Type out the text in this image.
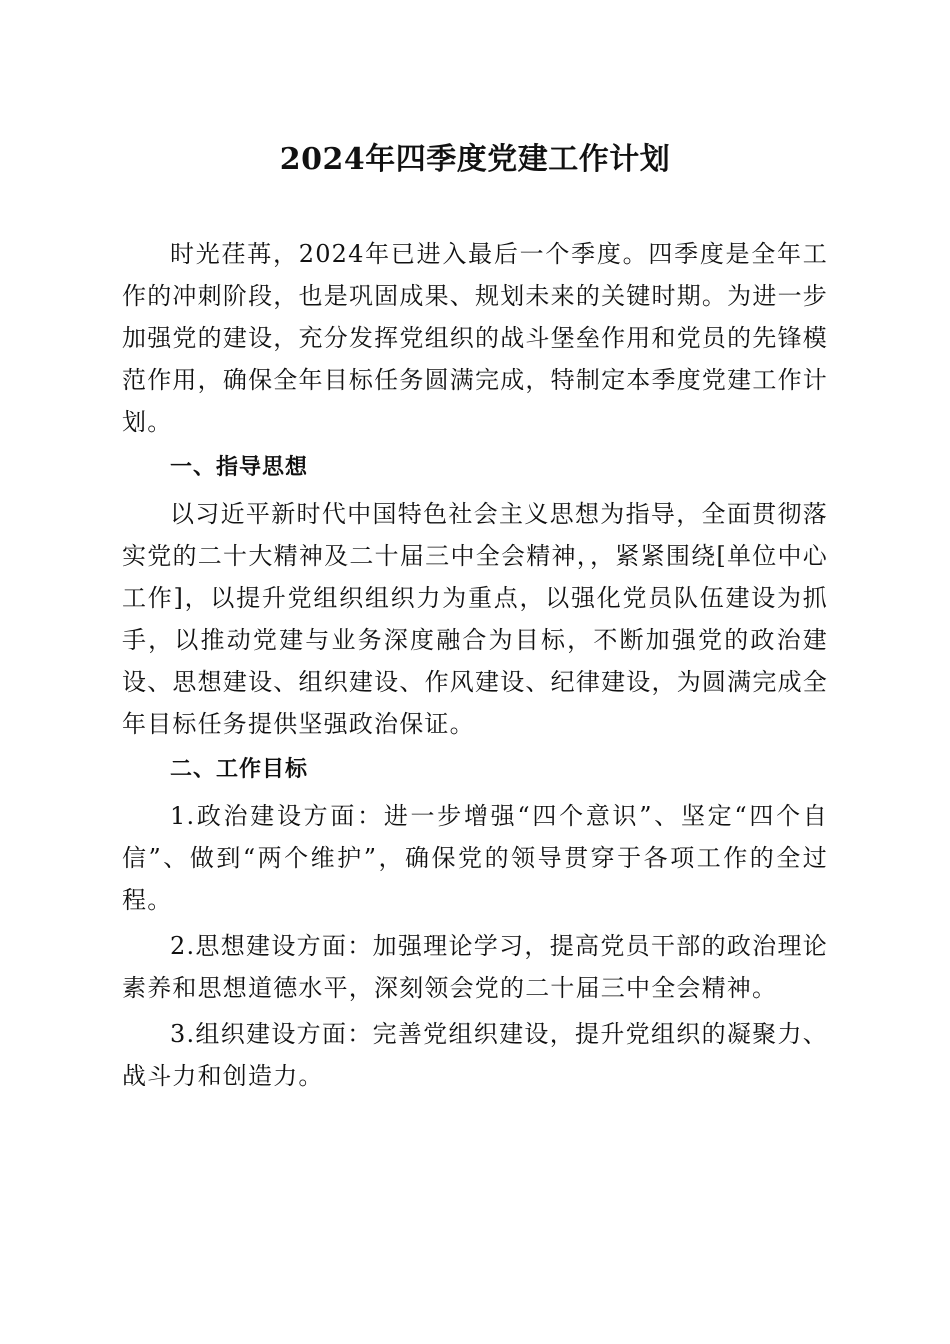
2024年四季度党建工作计划

时光荏苒，2024年已进入最后一个季度。四季度是全年工作的冲刺阶段，也是巩固成果、规划未来的关键时期。为进一步加强党的建设，充分发挥党组织的战斗堡垒作用和党员的先锋模范作用，确保全年目标任务圆满完成，特制定本季度党建工作计划。

一、指导思想

以习近平新时代中国特色社会主义思想为指导，全面贯彻落实党的二十大精神及二十届三中全会精神，，紧紧围绕[单位中心工作]，以提升党组织组织力为重点，以强化党员队伍建设为抓手，以推动党建与业务深度融合为目标，不断加强党的政治建设、思想建设、组织建设、作风建设、纪律建设，为圆满完成全年目标任务提供坚强政治保证。

二、工作目标

1.政治建设方面：进一步增强“四个意识”、坚定“四个自信”、做到“两个维护”，确保党的领导贯穿于各项工作的全过程。

2.思想建设方面：加强理论学习，提高党员干部的政治理论素养和思想道德水平，深刻领会党的二十届三中全会精神。

3.组织建设方面：完善党组织建设，提升党组织的凝聚力、战斗力和创造力。
